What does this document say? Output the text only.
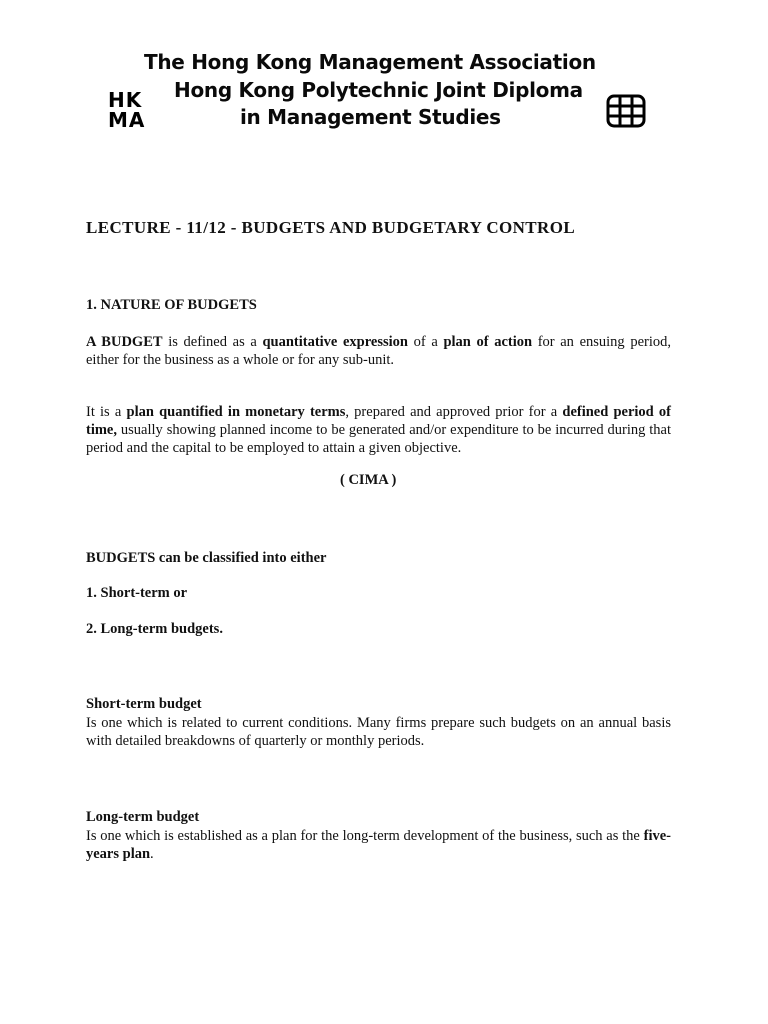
The Hong Kong Management Association
Hong Kong Polytechnic Joint Diploma
in Management Studies
HK
MA
LECTURE - 11/12 - BUDGETS AND BUDGETARY CONTROL
1. NATURE OF BUDGETS
A BUDGET is defined as a quantitative expression of a plan of action for an ensuing period, either for the business as a whole or for any sub-unit.
It is a plan quantified in monetary terms, prepared and approved prior for a defined period of time, usually showing planned income to be generated and/or expenditure to be incurred during that period and the capital to be employed to attain a given objective.
( CIMA )
BUDGETS can be classified into either
1. Short-term or
2. Long-term budgets.
Short-term budget
Is one which is related to current conditions. Many firms prepare such budgets on an annual basis with detailed breakdowns of quarterly or monthly periods.
Long-term budget
Is one which is established as a plan for the long-term development of the business, such as the five-years plan.
